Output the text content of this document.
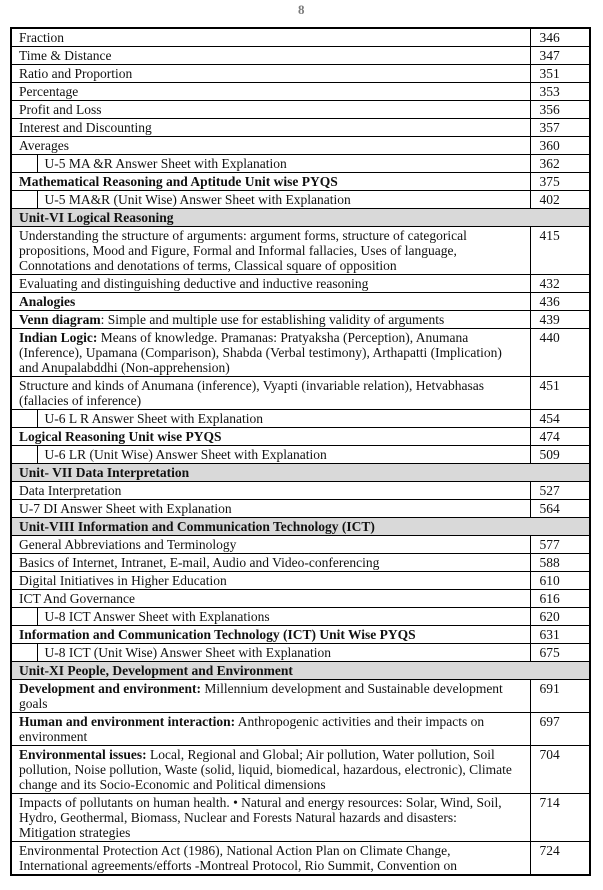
8
Fraction		346
Time & Distance		347
Ratio and Proportion		351
Percentage		353
Profit and Loss		356
Interest and Discounting		357
Averages		360
	U-5 MA &R Answer Sheet with Explanation	362
Mathematical Reasoning and Aptitude Unit wise PYQS		375
	U-5 MA&R (Unit Wise) Answer Sheet with Explanation	402
Unit-VI Logical Reasoning		
Understanding the structure of arguments: argument forms, structure of categorical propositions, Mood and Figure, Formal and Informal fallacies, Uses of language, Connotations and denotations of terms, Classical square of opposition		415
Evaluating and distinguishing deductive and inductive reasoning		432
Analogies		436
Venn diagram: Simple and multiple use for establishing validity of arguments		439
Indian Logic: Means of knowledge. Pramanas: Pratyaksha (Perception), Anumana (Inference), Upamana (Comparison), Shabda (Verbal testimony), Arthapatti (Implication) and Anupalabddhi (Non-apprehension)		440
Structure and kinds of Anumana (inference), Vyapti (invariable relation), Hetvabhasas (fallacies of inference)		451
	U-6 L R Answer Sheet with Explanation	454
Logical Reasoning Unit wise PYQS		474
	U-6 LR (Unit Wise) Answer Sheet with Explanation	509
Unit- VII Data Interpretation		
Data Interpretation		527
U-7 DI Answer Sheet with Explanation		564
Unit-VIII Information and Communication Technology (ICT)		
General Abbreviations and Terminology		577
Basics of Internet, Intranet, E-mail, Audio and Video-conferencing		588
Digital Initiatives in Higher Education		610
ICT And Governance		616
	U-8 ICT Answer Sheet with Explanations	620
Information and Communication Technology (ICT) Unit Wise PYQS		631
	U-8 ICT (Unit Wise) Answer Sheet with Explanation	675
Unit-XI People, Development and Environment		
Development and environment: Millennium development and Sustainable development goals		691
Human and environment interaction: Anthropogenic activities and their impacts on environment		697
Environmental issues: Local, Regional and Global; Air pollution, Water pollution, Soil pollution, Noise pollution, Waste (solid, liquid, biomedical, hazardous, electronic), Climate change and its Socio-Economic and Political dimensions		704
Impacts of pollutants on human health. • Natural and energy resources: Solar, Wind, Soil, Hydro, Geothermal, Biomass, Nuclear and Forests Natural hazards and disasters: Mitigation strategies		714
Environmental Protection Act (1986), National Action Plan on Climate Change, International agreements/efforts -Montreal Protocol, Rio Summit, Convention on		724
